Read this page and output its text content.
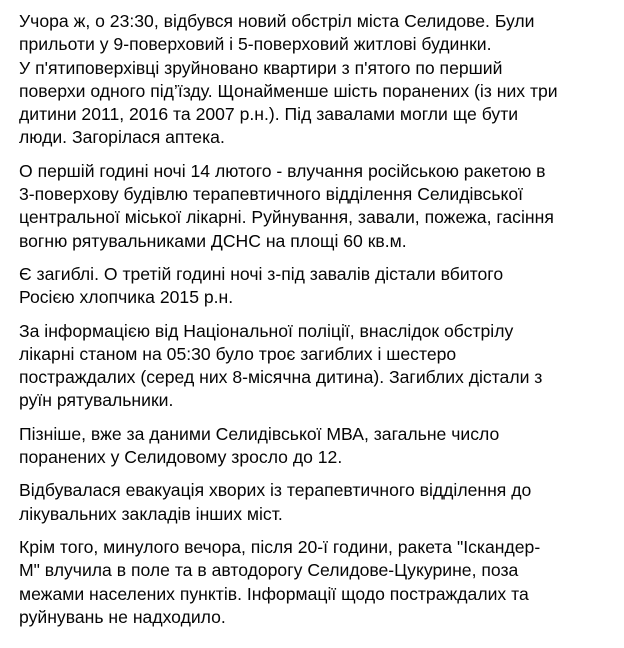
Учора ж, о 23:30, відбувся новий обстріл міста Селидове. Були
прильоти у 9-поверховий і 5-поверховий житлові будинки.
У п'ятиповерхівці зруйновано квартири з п'ятого по перший
поверхи одного під’їзду. Щонайменше шість поранених (із них три
дитини 2011, 2016 та 2007 р.н.). Під завалами могли ще бути
люди. Загорілася аптека.
О першій годині ночі 14 лютого - влучання російською ракетою в
3-поверхову будівлю терапевтичного відділення Селидівської
центральної міської лікарні. Руйнування, завали, пожежа, гасіння
вогню рятувальниками ДСНС на площі 60 кв.м.
Є загиблі. О третій годині ночі з-під завалів дістали вбитого
Росією хлопчика 2015 р.н.
За інформацією від Національної поліції, внаслідок обстрілу
лікарні станом на 05:30 було троє загиблих і шестеро
постраждалих (серед них 8-місячна дитина). Загиблих дістали з
руїн рятувальники.
Пізніше, вже за даними Селидівської МВА, загальне число
поранених у Селидовому зросло до 12.
Відбувалася евакуація хворих із терапевтичного відділення до
лікувальних закладів інших міст.
Крім того, минулого вечора, після 20-ї години, ракета "Іскандер-
М" влучила в поле та в автодорогу Селидове-Цукурине, поза
межами населених пунктів. Інформації щодо постраждалих та
руйнувань не надходило.
